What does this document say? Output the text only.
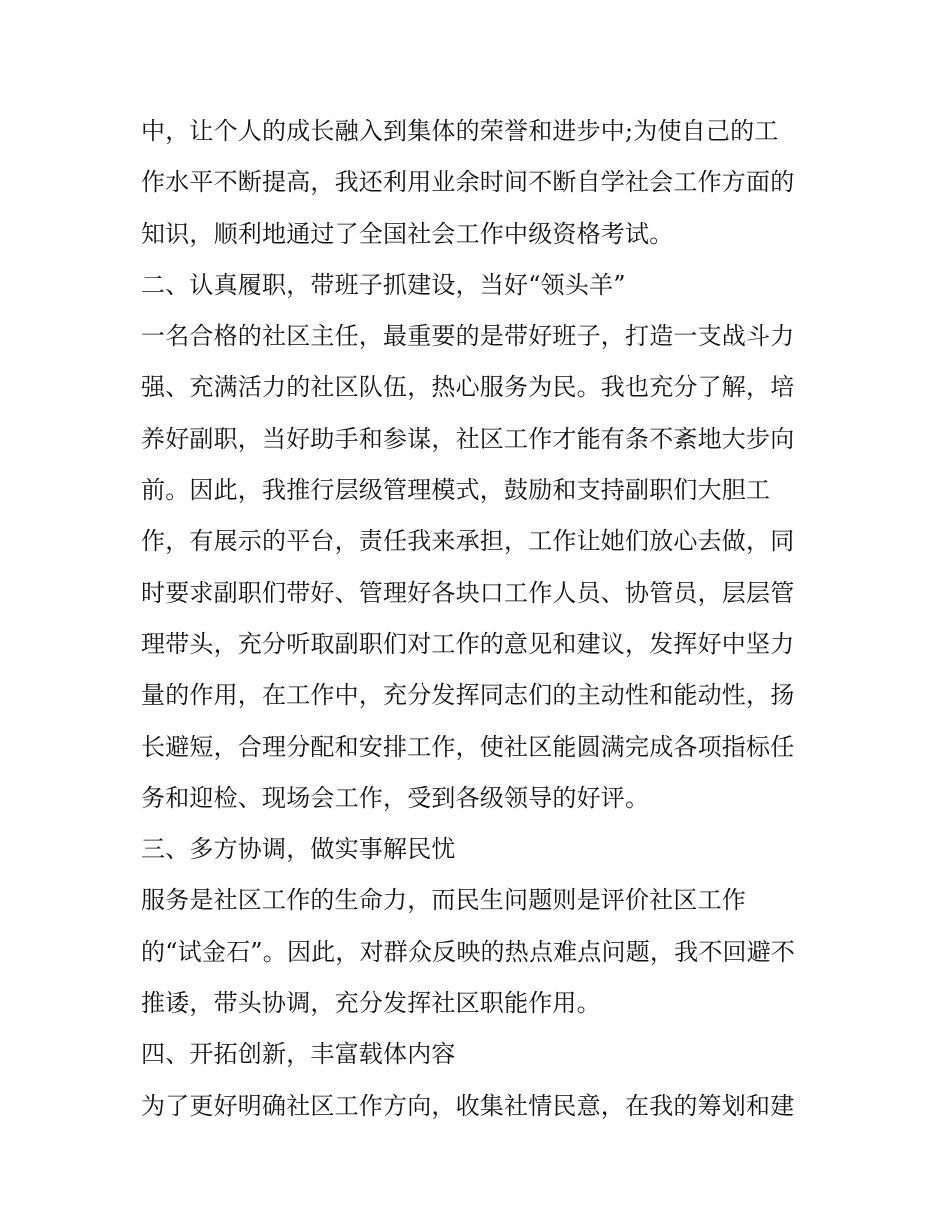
中，让个人的成长融入到集体的荣誉和进步中;为使自己的工
作水平不断提高，我还利用业余时间不断自学社会工作方面的
知识，顺利地通过了全国社会工作中级资格考试。
二、认真履职，带班子抓建设，当好“领头羊”
一名合格的社区主任，最重要的是带好班子，打造一支战斗力
强、充满活力的社区队伍，热心服务为民。我也充分了解，培
养好副职，当好助手和参谋，社区工作才能有条不紊地大步向
前。因此，我推行层级管理模式，鼓励和支持副职们大胆工
作，有展示的平台，责任我来承担，工作让她们放心去做，同
时要求副职们带好、管理好各块口工作人员、协管员，层层管
理带头，充分听取副职们对工作的意见和建议，发挥好中坚力
量的作用，在工作中，充分发挥同志们的主动性和能动性，扬
长避短，合理分配和安排工作，使社区能圆满完成各项指标任
务和迎检、现场会工作，受到各级领导的好评。
三、多方协调，做实事解民忧
服务是社区工作的生命力，而民生问题则是评价社区工作
的“试金石”。因此，对群众反映的热点难点问题，我不回避不
推诿，带头协调，充分发挥社区职能作用。
四、开拓创新，丰富载体内容
为了更好明确社区工作方向，收集社情民意，在我的筹划和建
